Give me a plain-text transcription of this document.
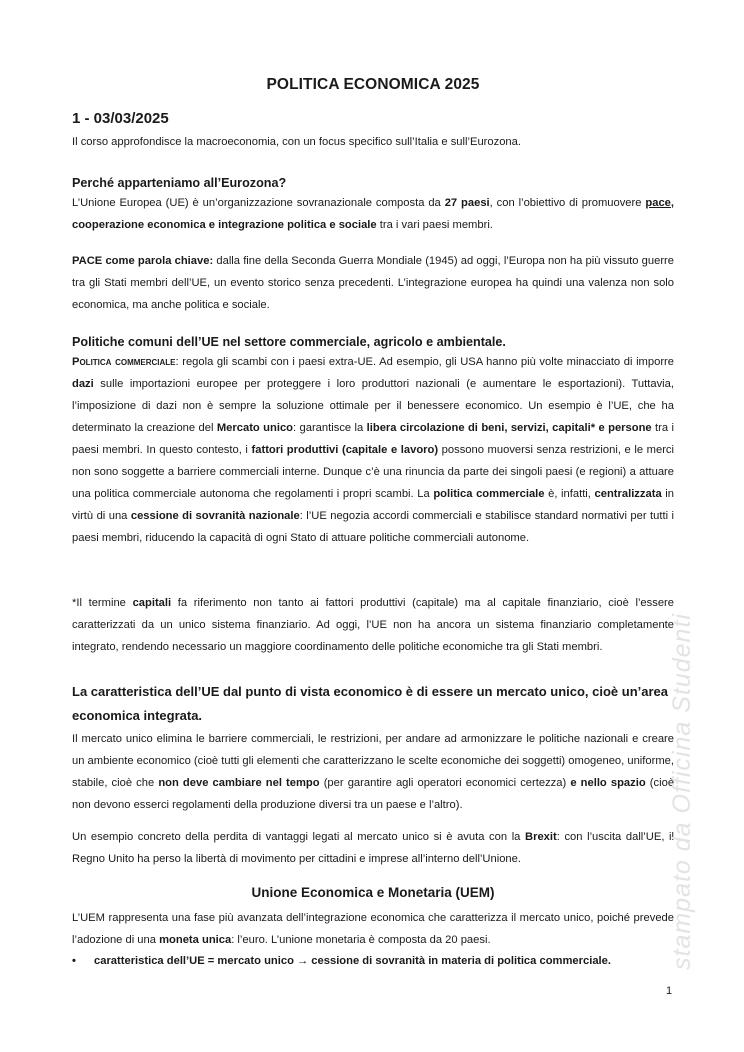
POLITICA ECONOMICA 2025
1 - 03/03/2025

Il corso approfondisce la macroeconomia, con un focus specifico sull’Italia e sull’Eurozona.

Perché apparteniamo all’Eurozona?

L’Unione Europea (UE) è un’organizzazione sovranazionale composta da 27 paesi, con l’obiettivo di promuovere pace, cooperazione economica e integrazione politica e sociale tra i vari paesi membri.

PACE come parola chiave: dalla fine della Seconda Guerra Mondiale (1945) ad oggi, l’Europa non ha più vissuto guerre tra gli Stati membri dell’UE, un evento storico senza precedenti. L’integrazione europea ha quindi una valenza non solo economica, ma anche politica e sociale.

Politiche comuni dell’UE nel settore commerciale, agricolo e ambientale.

Politica commerciale: regola gli scambi con i paesi extra-UE. Ad esempio, gli USA hanno più volte minacciato di imporre dazi sulle importazioni europee per proteggere i loro produttori nazionali (e aumentare le esportazioni). Tuttavia, l’imposizione di dazi non è sempre la soluzione ottimale per il benessere economico. Un esempio è l’UE, che ha determinato la creazione del Mercato unico: garantisce la libera circolazione di beni, servizi, capitali* e persone tra i paesi membri. In questo contesto, i fattori produttivi (capitale e lavoro) possono muoversi senza restrizioni, e le merci non sono soggette a barriere commerciali interne. Dunque c’è una rinuncia da parte dei singoli paesi (e regioni) a attuare una politica commerciale autonoma che regolamenti i propri scambi. La politica commerciale è, infatti, centralizzata in virtù di una cessione di sovranità nazionale: l’UE negozia accordi commerciali e stabilisce standard normativi per tutti i paesi membri, riducendo la capacità di ogni Stato di attuare politiche commerciali autonome.

*Il termine capitali fa riferimento non tanto ai fattori produttivi (capitale) ma al capitale finanziario, cioè l’essere caratterizzati da un unico sistema finanziario. Ad oggi, l’UE non ha ancora un sistema finanziario completamente integrato, rendendo necessario un maggiore coordinamento delle politiche economiche tra gli Stati membri.

La caratteristica dell’UE dal punto di vista economico è di essere un mercato unico, cioè un’area economica integrata.

Il mercato unico elimina le barriere commerciali, le restrizioni, per andare ad armonizzare le politiche nazionali e creare un ambiente economico (cioè tutti gli elementi che caratterizzano le scelte economiche dei soggetti) omogeneo, uniforme, stabile, cioè che non deve cambiare nel tempo (per garantire agli operatori economici certezza) e nello spazio (cioè non devono esserci regolamenti della produzione diversi tra un paese e l’altro).

Un esempio concreto della perdita di vantaggi legati al mercato unico si è avuta con la Brexit: con l’uscita dall’UE, il Regno Unito ha perso la libertà di movimento per cittadini e imprese all’interno dell’Unione.

Unione Economica e Monetaria (UEM)

L’UEM rappresenta una fase più avanzata dell’integrazione economica che caratterizza il mercato unico, poiché prevede l’adozione di una moneta unica: l’euro. L’unione monetaria è composta da 20 paesi.

•	caratteristica dell’UE = mercato unico → cessione di sovranità in materia di politica commerciale. stampato da Officina Studenti
1
